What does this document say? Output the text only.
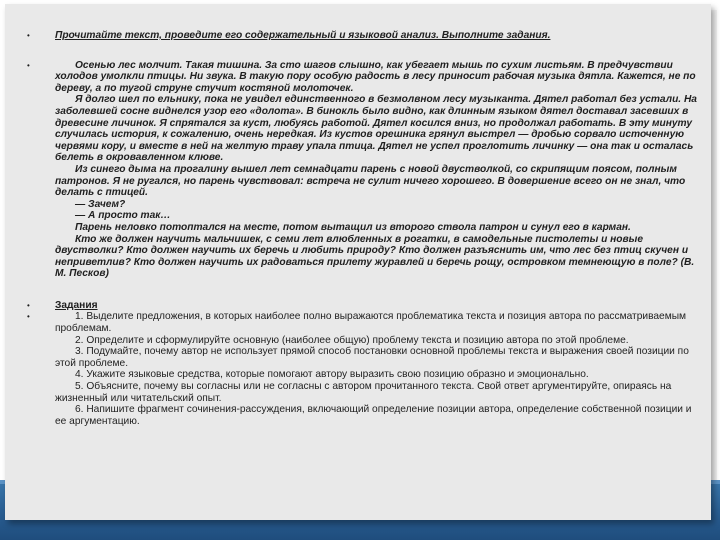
• Прочитайте текст, проведите его содержательный и языковой анализ. Выполните задания.

•	Осенью лес молчит. Такая тишина. За сто шагов слышно, как убегает мышь по сухим листьям. В предчувствии холодов умолкли птицы. Ни звука. В такую пору особую радость в лесу приносит рабочая музыка дятла. Кажется, не по дереву, а по тугой струне стучит костяной молоточек.

Я долго шел по ельнику, пока не увидел единственного в безмолвном лесу музыканта. Дятел работал без устали. На заболевшей сосне виднелся узор его «долота». В бинокль было видно, как длинным языком дятел доставал засевших в древесине личинок. Я спрятался за куст, любуясь работой. Дятел косился вниз, но продолжал работать. В эту минуту случилась история, к сожалению, очень нередкая. Из кустов орешника грянул выстрел — дробью сорвало источенную червями кору, и вместе в ней на желтую траву упала птица. Дятел не успел проглотить личинку — она так и осталась белеть в окровавленном клюве.

Из синего дыма на прогалину вышел лет семнадцати парень с новой двустволкой, со скрипящим поясом, полным патронов. Я не ругался, но парень чувствовал: встреча не сулит ничего хорошего. В довершение всего он не знал, что делать с птицей.

— Зачем?

— А просто так…

Парень неловко потоптался на месте, потом вытащил из второго ствола патрон и сунул его в карман.

Кто же должен научить мальчишек, с семи лет влюбленных в рогатки, в самодельные пистолеты и новые двустволки? Кто должен научить их беречь и любить природу? Кто должен разъяснить им, что лес без птиц скучен и неприветлив? Кто должен научить их радоваться прилету журавлей и беречь рощу, островком темнеющую в поле? (В. М. Песков)

• Задания

•	1. Выделите предложения, в которых наиболее полно выражаются проблематика текста и позиция автора по рассматриваемым проблемам.

2. Определите и сформулируйте основную (наиболее общую) проблему текста и позицию автора по этой проблеме.

3. Подумайте, почему автор не использует прямой способ постановки основной проблемы текста и выражения своей позиции по этой проблеме.

4. Укажите языковые средства, которые помогают автору выразить свою позицию образно и эмоционально.

5. Объясните, почему вы согласны или не согласны с автором прочитанного текста. Свой ответ аргументируйте, опираясь на жизненный или читательский опыт.

6. Напишите фрагмент сочинения-рассуждения, включающий определение позиции автора, определение собственной позиции и ее аргументацию.
